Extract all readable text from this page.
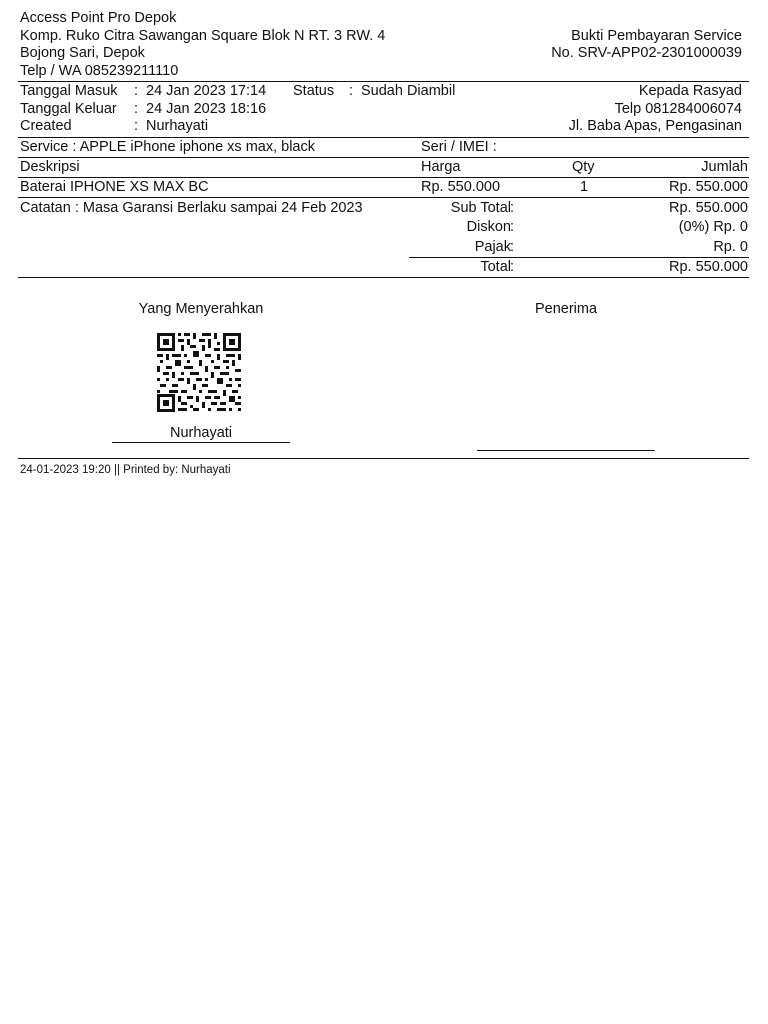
Access Point Pro Depok
Komp. Ruko Citra Sawangan Square Blok N RT. 3 RW. 4
Bojong Sari, Depok
Telp / WA 085239211110
Bukti Pembayaran Service
No. SRV-APP02-2301000039
Tanggal Masuk : 24 Jan 2023 17:14 Status : Sudah Diambil
Tanggal Keluar : 24 Jan 2023 18:16
Created	: Nurhayati
Kepada Rasyad
Telp 081284006074
Jl. Baba Apas, Pengasinan
Service : APPLE iPhone iphone xs max, black	Seri / IMEI :
Deskripsi	Harga	Qty	Jumlah
Baterai IPHONE XS MAX BC	Rp. 550.000	1	Rp. 550.000
Catatan : Masa Garansi Berlaku sampai 24 Feb 2023	Sub Total :	Rp. 550.000
Diskon :	(0%) Rp. 0
Pajak :	Rp. 0
Total :	Rp. 550.000
Yang Menyerahkan	Penerima
Nurhayati
24-01-2023 19:20 || Printed by: Nurhayati
